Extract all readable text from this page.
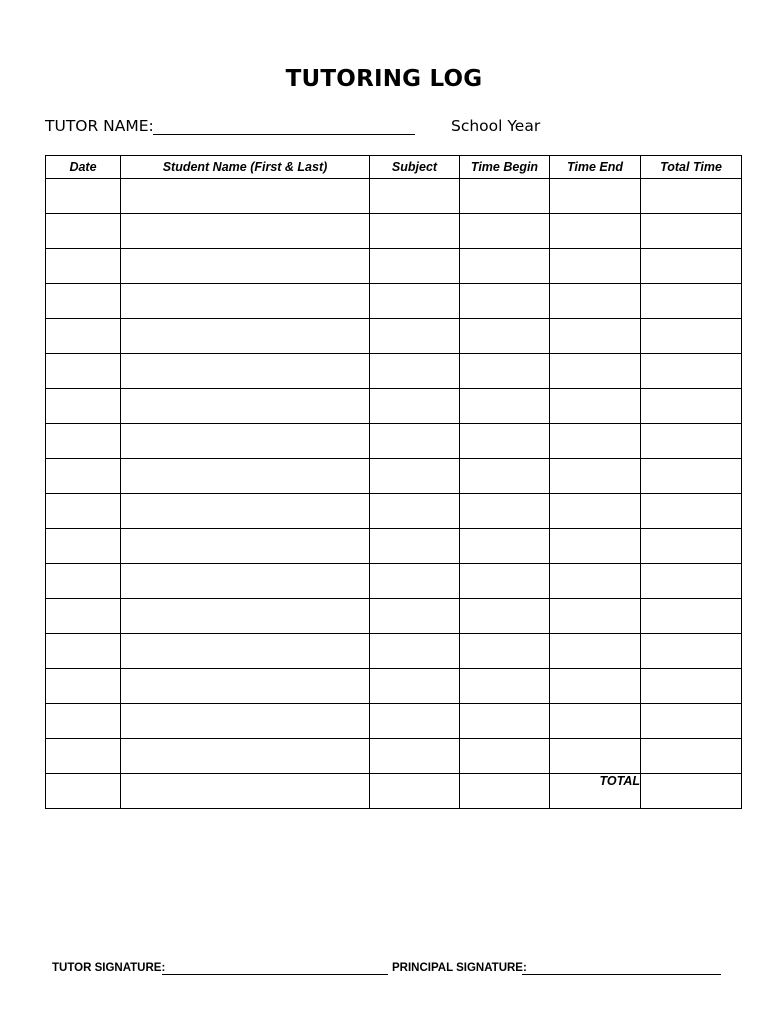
TUTORING LOG
TUTOR NAME:	School Year
Date	Student Name (First & Last)	Subject	Time Begin	Time End	Total Time

				TOTAL	
TUTOR SIGNATURE:	PRINCIPAL SIGNATURE:
